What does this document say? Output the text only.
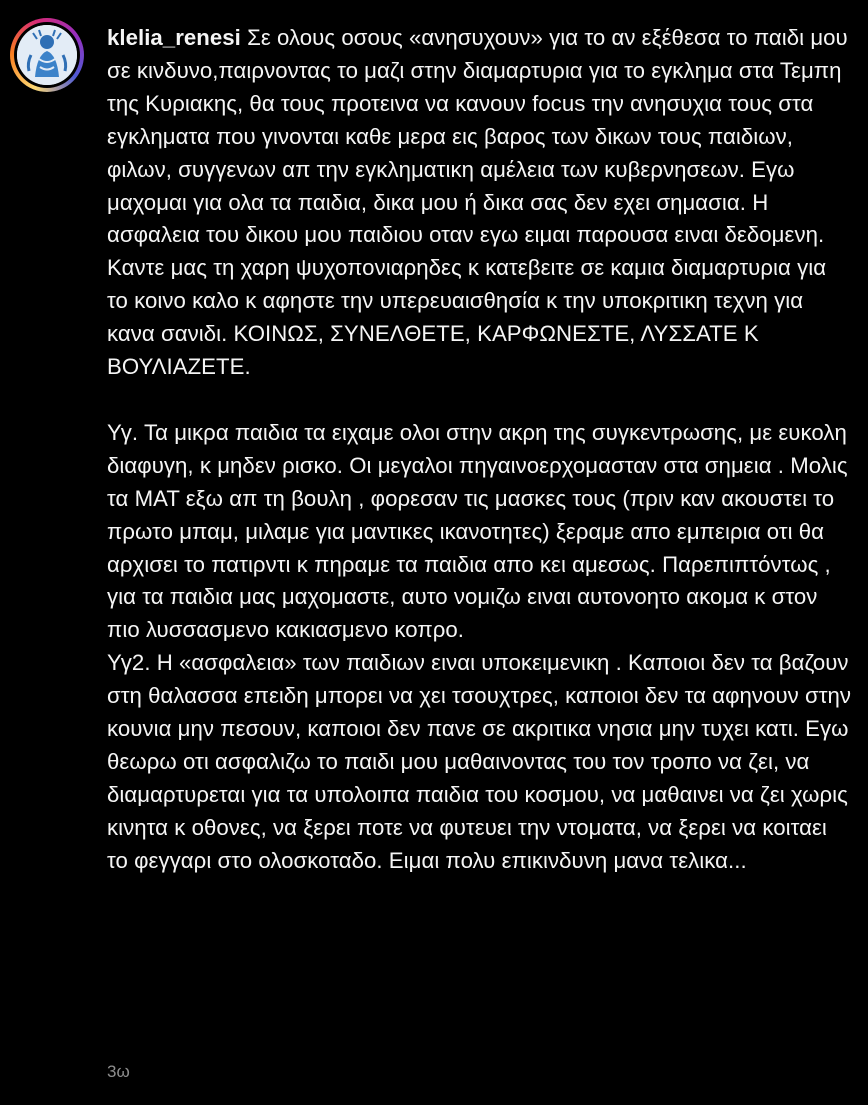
klelia_renesi Σε ολους οσους «ανησυχουν» για το αν εξέθεσα το παιδι μου σε κινδυνο,παιρνοντας το μαζι στην διαμαρτυρια για το εγκλημα στα Τεμπη της Κυριακης, θα τους προτεινα να κανουν focus την ανησυχια τους στα εγκληματα που γινονται καθε μερα εις βαρος των δικων τους παιδιων, φιλων, συγγενων απ την εγκληματικη αμέλεια των κυβερνησεων. Εγω μαχομαι για ολα τα παιδια, δικα μου ή δικα σας δεν εχει σημασια. Η ασφαλεια του δικου μου παιδιου οταν εγω ειμαι παρουσα ειναι δεδομενη. Καντε μας τη χαρη ψυχοπονιαρηδες κ κατεβειτε σε καμια διαμαρτυρια για το κοινο καλο κ αφηστε την υπερευαισθησία κ την υποκριτικη τεχνη για κανα σανιδι. ΚΟΙΝΩΣ, ΣΥΝΕΛΘΕΤΕ, ΚΑΡΦΩΝΕΣΤΕ, ΛΥΣΣΑΤΕ Κ ΒΟΥΛΙΑΖΕΤΕ.

Υγ. Τα μικρα παιδια τα ειχαμε ολοι στην ακρη της συγκεντρωσης, με ευκολη διαφυγη, κ μηδεν ρισκο. Οι μεγαλοι πηγαινοερχομασταν στα σημεια . Μολις τα ΜΑΤ εξω απ τη βουλη , φορεσαν τις μασκες τους (πριν καν ακουστει το πρωτο μπαμ, μιλαμε για μαντικες ικανοτητες) ξεραμε απο εμπειρια οτι θα αρχισει το πατιρντι κ πηραμε τα παιδια απο κει αμεσως. Παρεπιπτόντως , για τα παιδια μας μαχομαστε, αυτο νομιζω ειναι αυτονοητο ακομα κ στον πιο λυσσασμενο κακιασμενο κοπρο.
Υγ2. Η «ασφαλεια» των παιδιων ειναι υποκειμενικη . Καποιοι δεν τα βαζουν στη θαλασσα επειδη μπορει να χει τσουχτρες, καποιοι δεν τα αφηνουν στην κουνια μην πεσουν, καποιοι δεν πανε σε ακριτικα νησια μην τυχει κατι. Εγω θεωρω οτι ασφαλιζω το παιδι μου μαθαινοντας του τον τροπο να ζει, να διαμαρτυρεται για τα υπολοιπα παιδια του κοσμου, να μαθαινει να ζει χωρις κινητα κ οθονες, να ξερει ποτε να φυτευει την ντοματα, να ξερει να κοιταει το φεγγαρι στο ολοσκοταδο. Ειμαι πολυ επικινδυνη μανα τελικα...
3ω
